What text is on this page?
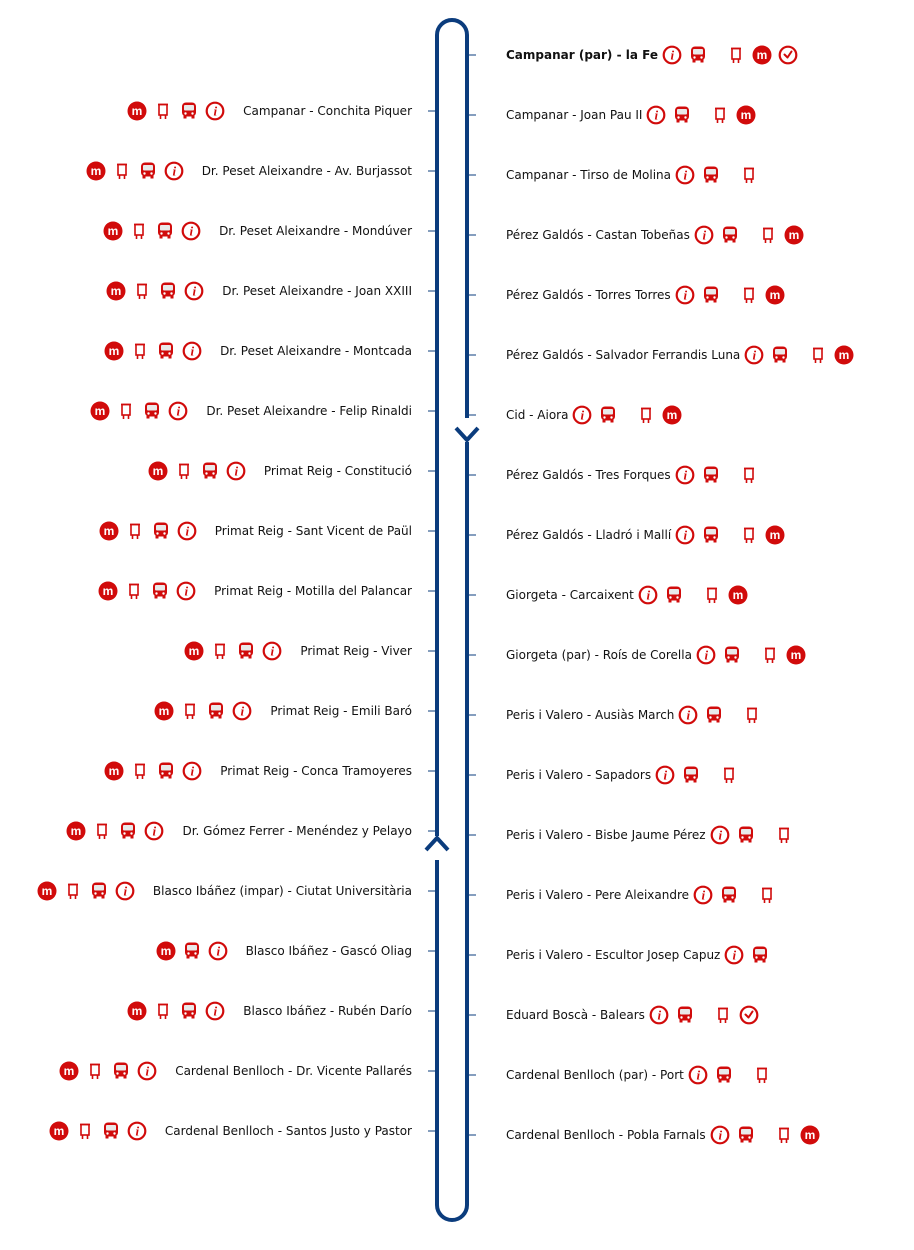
Campanar (par) - la Fe i	m
Campanar - Joan Pau II i	m
Campanar - Tirso de Molina i
Pérez Galdós - Castan Tobeñas i	m
Pérez Galdós - Torres Torres i	m
Pérez Galdós - Salvador Ferrandis Luna i	m
Cid - Aiora i	m
Pérez Galdós - Tres Forques i
Pérez Galdós - Lladró i Mallí i	m
Giorgeta - Carcaixent i	m
Giorgeta (par) - Roís de Corella i	m
Peris i Valero - Ausiàs March i
Peris i Valero - Sapadors i
Peris i Valero - Bisbe Jaume Pérez i
Peris i Valero - Pere Aleixandre i
Peris i Valero - Escultor Josep Capuz i
Eduard Boscà - Balears i
Cardenal Benlloch (par) - Port i
Cardenal Benlloch - Pobla Farnals i	m
m	i Campanar - Conchita Piquer
m	i Dr. Peset Aleixandre - Av. Burjassot
m	i Dr. Peset Aleixandre - Mondúver
m	i Dr. Peset Aleixandre - Joan XXIII
m	i Dr. Peset Aleixandre - Montcada
m	i Dr. Peset Aleixandre - Felip Rinaldi
m	i Primat Reig - Constitució
m	i Primat Reig - Sant Vicent de Paül
m	i Primat Reig - Motilla del Palancar
m	i Primat Reig - Viver
m	i Primat Reig - Emili Baró
m	i Primat Reig - Conca Tramoyeres
m	i Dr. Gómez Ferrer - Menéndez y Pelayo
m	i Blasco Ibáñez (impar) - Ciutat Universitària
m	i Blasco Ibáñez - Gascó Oliag
m	i Blasco Ibáñez - Rubén Darío
m	i Cardenal Benlloch - Dr. Vicente Pallarés
m	i Cardenal Benlloch - Santos Justo y Pastor
